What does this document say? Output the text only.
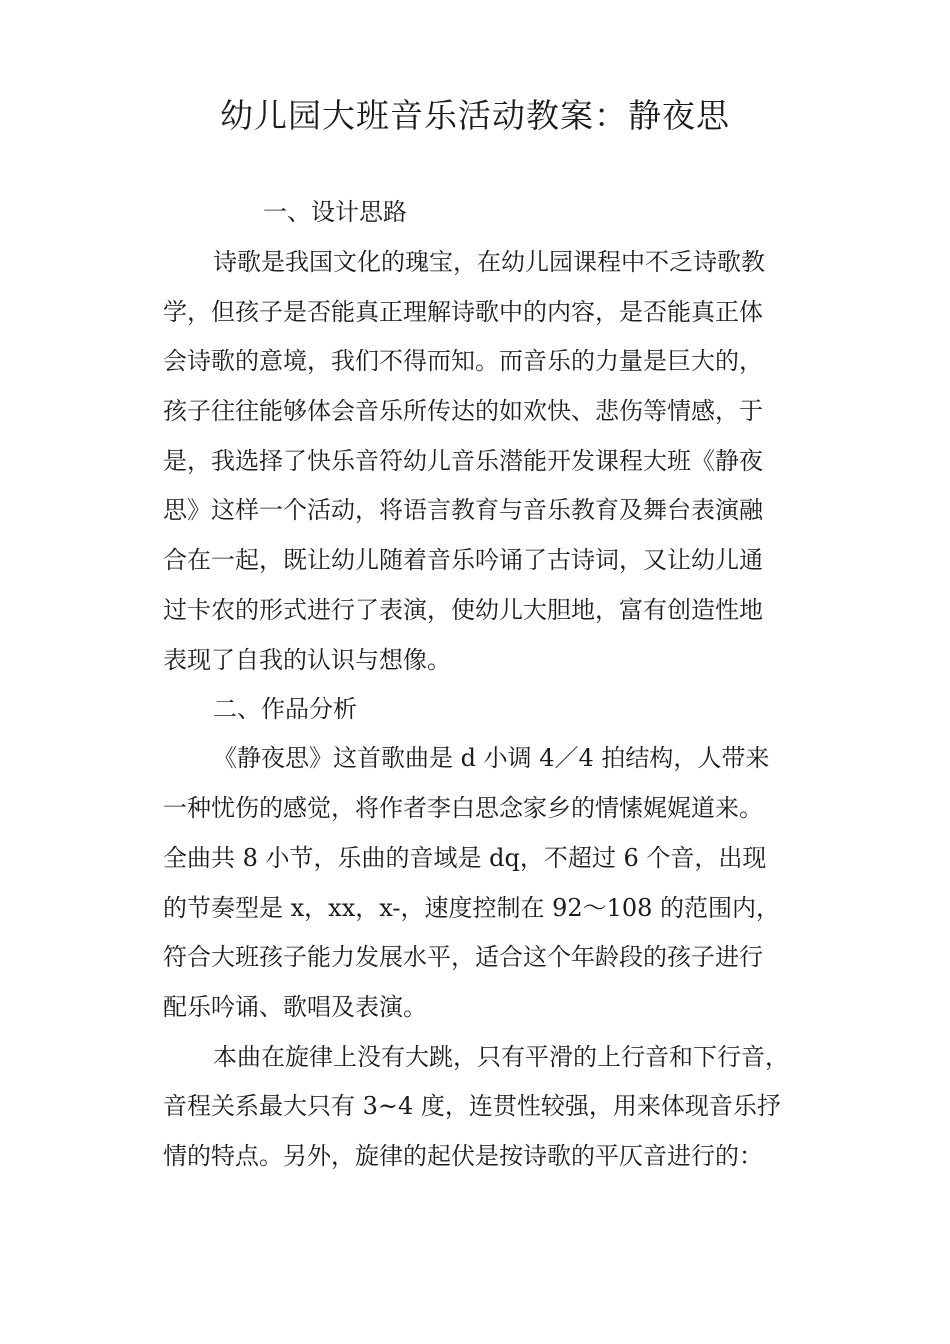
幼儿园大班音乐活动教案：静夜思

一、设计思路

诗歌是我国文化的瑰宝，在幼儿园课程中不乏诗歌教

学，但孩子是否能真正理解诗歌中的内容，是否能真正体

会诗歌的意境，我们不得而知。而音乐的力量是巨大的，

孩子往往能够体会音乐所传达的如欢快、悲伤等情感，于

是，我选择了快乐音符幼儿音乐潜能开发课程大班《静夜

思》这样一个活动，将语言教育与音乐教育及舞台表演融

合在一起，既让幼儿随着音乐吟诵了古诗词，又让幼儿通

过卡农的形式进行了表演，使幼儿大胆地，富有创造性地

表现了自我的认识与想像。

二、作品分析

《静夜思》这首歌曲是 d 小调 4／4 拍结构，人带来

一种忧伤的感觉，将作者李白思念家乡的情愫娓娓道来。

全曲共 8 小节，乐曲的音域是 dq，不超过 6 个音，出现

的节奏型是 x，xx，x-，速度控制在 92～108 的范围内，

符合大班孩子能力发展水平，适合这个年龄段的孩子进行

配乐吟诵、歌唱及表演。

本曲在旋律上没有大跳，只有平滑的上行音和下行音，

音程关系最大只有 3~4 度，连贯性较强，用来体现音乐抒

情的特点。另外，旋律的起伏是按诗歌的平仄音进行的：
